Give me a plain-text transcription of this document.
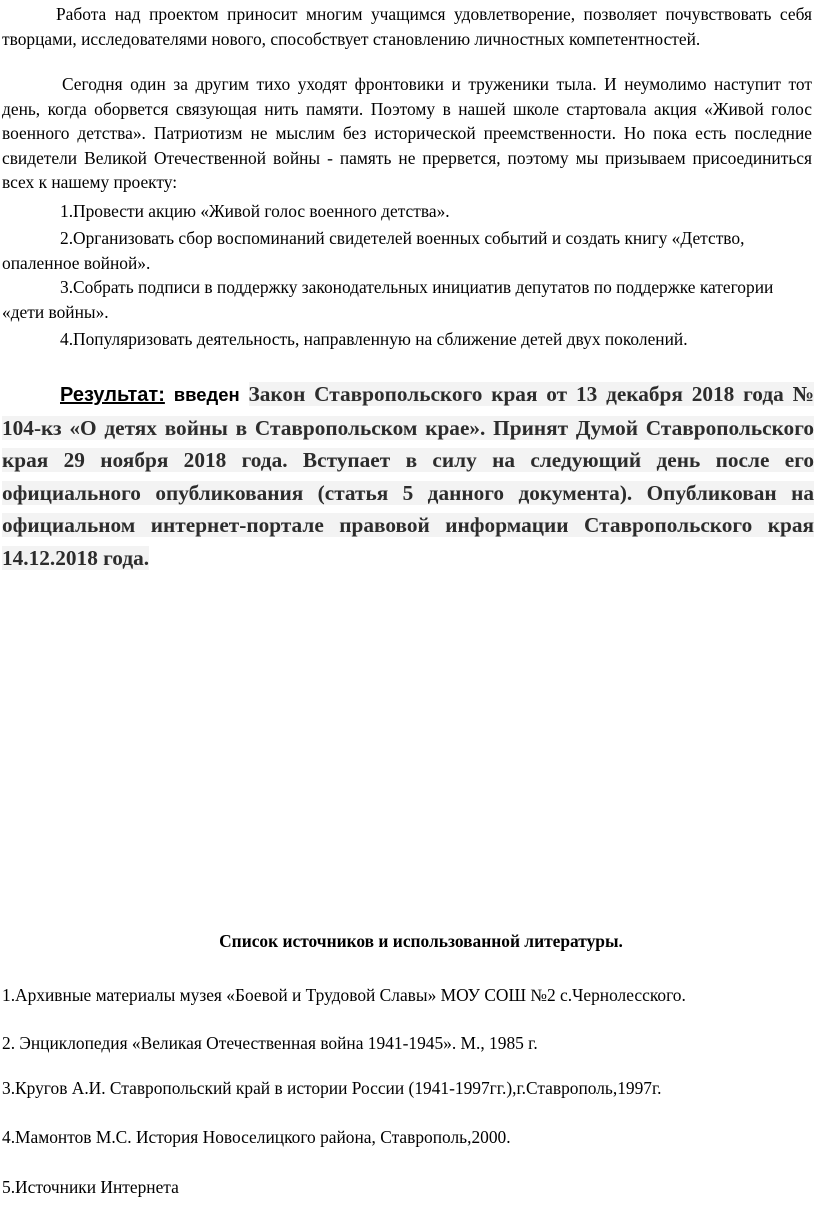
Работа над проектом приносит многим учащимся удовлетворение, позволяет почувствовать себя творцами, исследователями нового, способствует становлению личностных компетентностей.

Сегодня один за другим тихо уходят фронтовики и труженики тыла. И неумолимо наступит тот день, когда оборвется связующая нить памяти. Поэтому в нашей школе стартовала акция «Живой голос военного детства». Патриотизм не мыслим без исторической преемственности. Но пока есть последние свидетели Великой Отечественной войны - память не прервется, поэтому мы призываем присоединиться всех к нашему проекту:

1.Провести акцию «Живой голос военного детства».

2.Организовать сбор воспоминаний свидетелей военных событий и создать книгу «Детство, опаленное войной».

3.Собрать подписи в поддержку законодательных инициатив депутатов по поддержке категории «дети войны».

4.Популяризовать деятельность, направленную на сближение детей двух поколений.

Результат: введен Закон Ставропольского края от 13 декабря 2018 года № 104-кз «О детях войны в Ставропольском крае». Принят Думой Ставропольского края 29 ноября 2018 года. Вступает в силу на следующий день после его официального опубликования (статья 5 данного документа). Опубликован на официальном интернет-портале правовой информации Ставропольского края 14.12.2018 года.

Список источников и использованной литературы.

1.Архивные материалы музея «Боевой и Трудовой Славы» МОУ СОШ №2 с.Чернолесского.

2. Энциклопедия «Великая Отечественная война 1941-1945». М., 1985 г.

3.Кругов А.И. Ставропольский край в истории России (1941-1997гг.),г.Ставрополь,1997г.

4.Мамонтов М.С. История Новоселицкого района, Ставрополь,2000.

5.Источники Интернета
